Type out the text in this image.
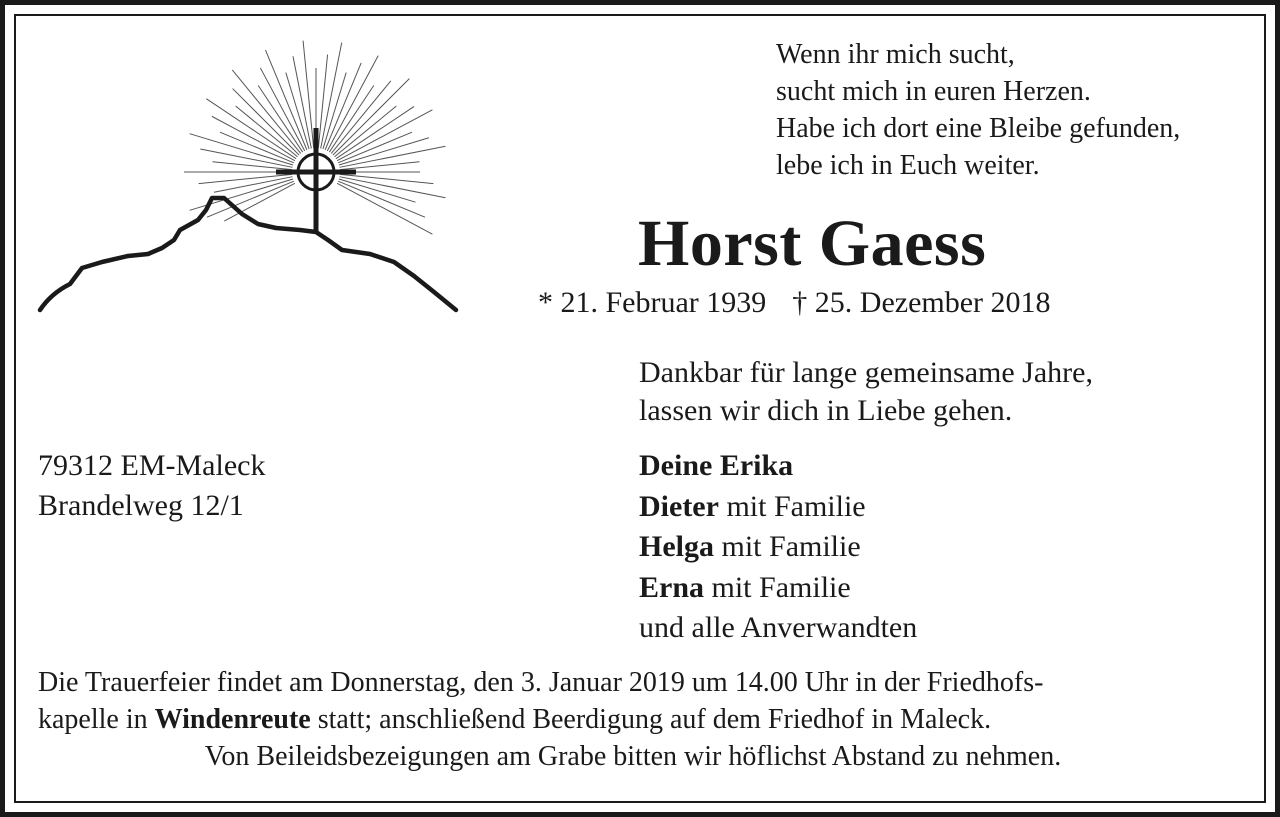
Wenn ihr mich sucht,
sucht mich in euren Herzen.
Habe ich dort eine Bleibe gefunden,
lebe ich in Euch weiter.
Horst Gaess
* 21. Februar 1939 † 25. Dezember 2018
Dankbar für lange gemeinsame Jahre,
lassen wir dich in Liebe gehen.
79312 EM-Maleck
Brandelweg 12/1
Deine Erika
Dieter mit Familie
Helga mit Familie
Erna mit Familie
und alle Anverwandten
Die Trauerfeier findet am Donnerstag, den 3. Januar 2019 um 14.00 Uhr in der Friedhofs-
kapelle in Windenreute statt; anschließend Beerdigung auf dem Friedhof in Maleck.
Von Beileidsbezeigungen am Grabe bitten wir höflichst Abstand zu nehmen.
